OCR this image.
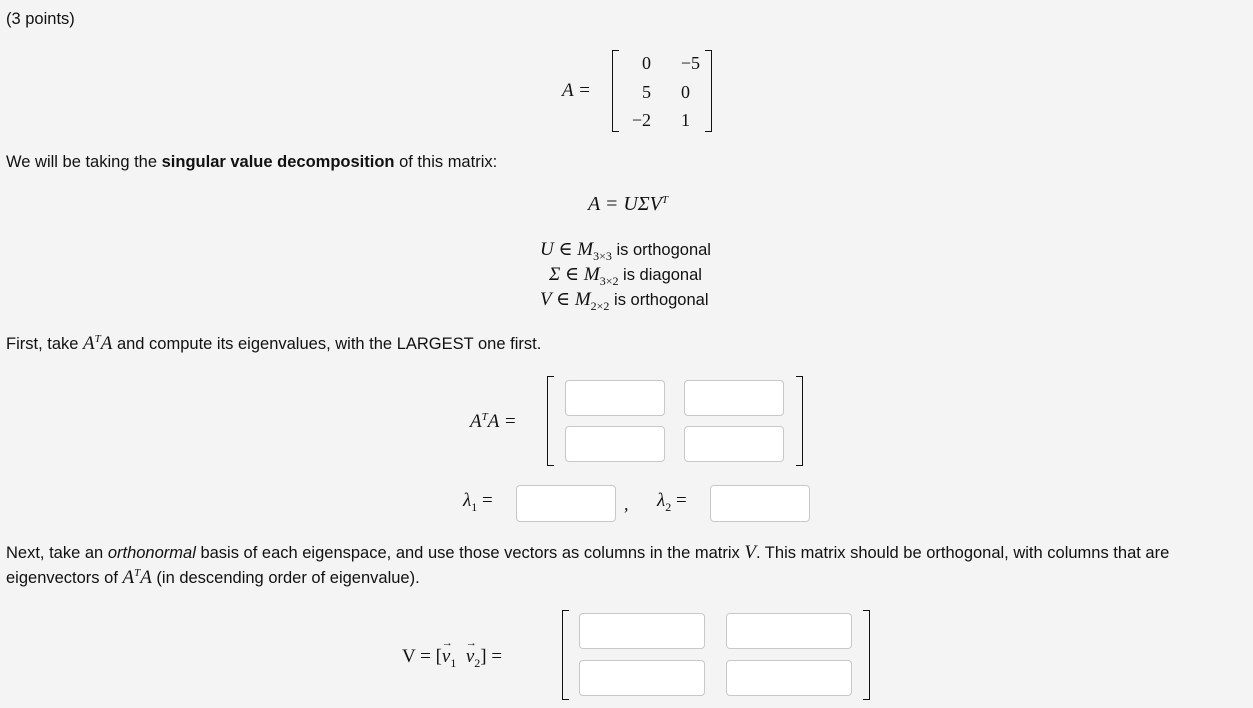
(3 points)
A =
0	−5
5	0
−2	1
We will be taking the singular value decomposition of this matrix:
$A = U\Sigma V^T$
U ∈ $M_{3\times 3}$ is orthogonal
Σ ∈ $M_{3\times 2}$ is diagonal
V ∈ $M_{2\times 2}$ is orthogonal
First, take $A^TA$ and compute its eigenvalues, with the LARGEST one first.
$A^TA$ =
$\lambda_1$ =	, $\lambda_2$ =
Next, take an orthonormal basis of each eigenspace, and use those vectors as columns in the matrix V. This matrix should be orthogonal, with columns that are
eigenvectors of $A^TA$ (in descending order of eigenvalue).
V = [→ $v_1 \to v_2$] =
